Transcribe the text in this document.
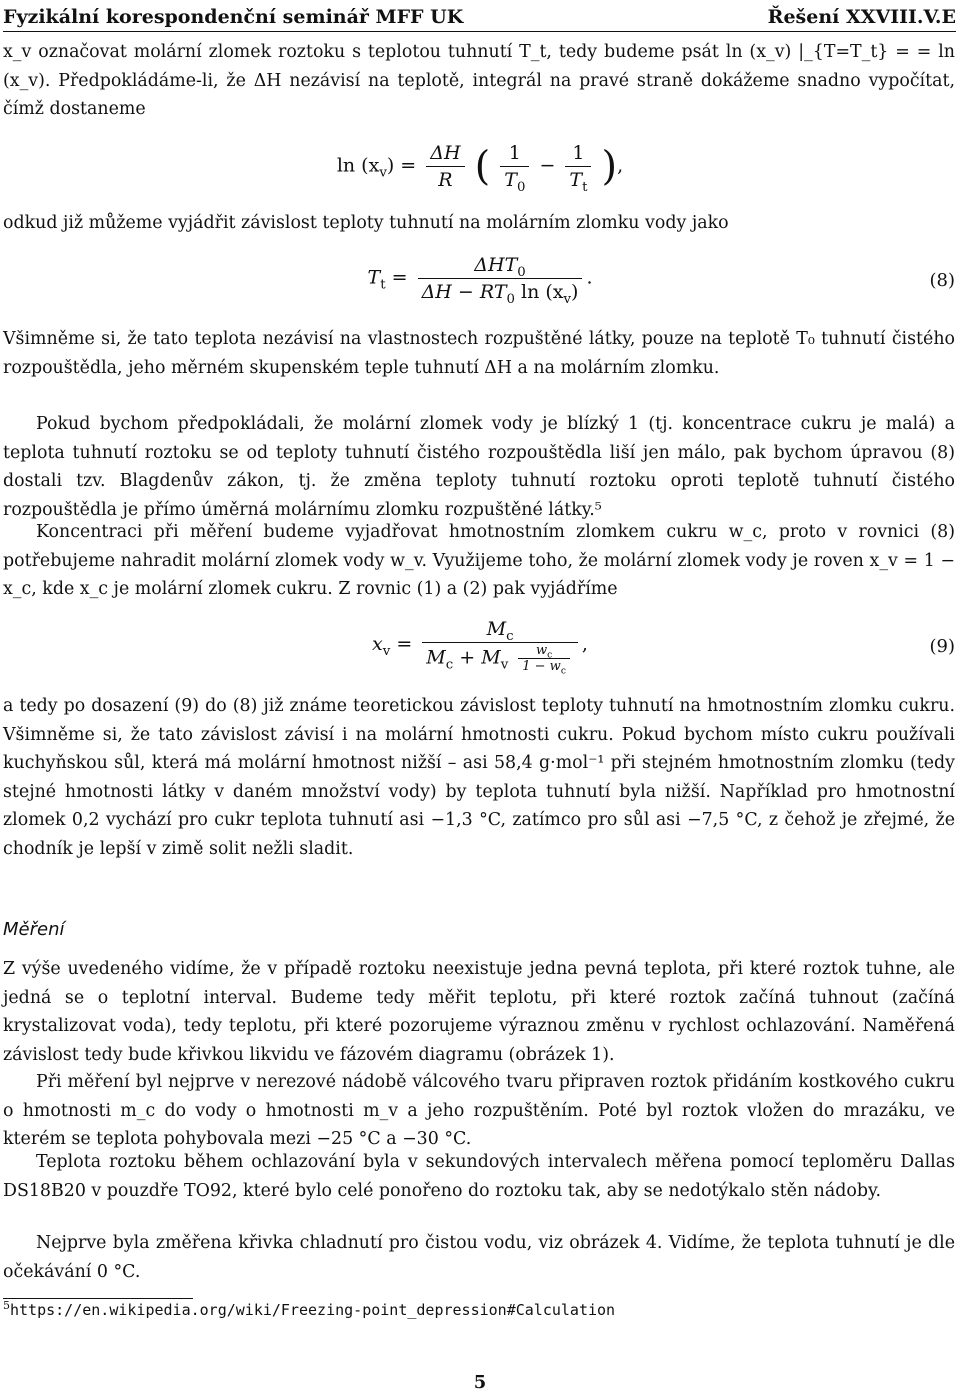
Fyzikální korespondenční seminář MFF UK	Řešení XXVIII.V.E
x_v označovat molární zlomek roztoku s teplotou tuhnutí T_t, tedy budeme psát ln (x_v) |_{T=T_t} = = ln (x_v). Předpokládáme-li, že ΔH nezávisí na teplotě, integrál na pravé straně dokážeme snadno vypočítat, čímž dostaneme
$\ln (x_v) = \frac{\Delta H}{R}$ ( $\frac{1}{T_0} - \frac{1}{T_t}$ ),
odkud již můžeme vyjádřit závislost teploty tuhnutí na molárním zlomku vody jako
$T_t = \frac{\Delta HT_0}{\Delta H - RT_0 \ln (x_v)}$ .	(8)
Všimněme si, že tato teplota nezávisí na vlastnostech rozpuštěné látky, pouze na teplotě T₀ tuhnutí čistého rozpouštědla, jeho měrném skupenském teple tuhnutí ΔH a na molárním zlomku.
Pokud bychom předpokládali, že molární zlomek vody je blízký 1 (tj. koncentrace cukru je malá) a teplota tuhnutí roztoku se od teploty tuhnutí čistého rozpouštědla liší jen málo, pak bychom úpravou (8) dostali tzv. Blagdenův zákon, tj. že změna teploty tuhnutí roztoku oproti teplotě tuhnutí čistého rozpouštědla je přímo úměrná molárnímu zlomku rozpuštěné látky.⁵
Koncentraci při měření budeme vyjadřovat hmotnostním zlomkem cukru w_c, proto v rovnici (8) potřebujeme nahradit molární zlomek vody w_v. Využijeme toho, že molární zlomek vody je roven x_v = 1 − x_c, kde x_c je molární zlomek cukru. Z rovnic (1) a (2) pak vyjádříme
$x_v = \frac{M_c}{M_c + M_v \frac{w_c}{1 - w_c}}$ ,	(9)
a tedy po dosazení (9) do (8) již známe teoretickou závislost teploty tuhnutí na hmotnostním zlomku cukru. Všimněme si, že tato závislost závisí i na molární hmotnosti cukru. Pokud bychom místo cukru používali kuchyňskou sůl, která má molární hmotnost nižší – asi 58,4 g·mol⁻¹ při stejném hmotnostním zlomku (tedy stejné hmotnosti látky v daném množství vody) by teplota tuhnutí byla nižší. Například pro hmotnostní zlomek 0,2 vychází pro cukr teplota tuhnutí asi −1,3 °C, zatímco pro sůl asi −7,5 °C, z čehož je zřejmé, že chodník je lepší v zimě solit nežli sladit.
Měření
Z výše uvedeného vidíme, že v případě roztoku neexistuje jedna pevná teplota, při které roztok tuhne, ale jedná se o teplotní interval. Budeme tedy měřit teplotu, při které roztok začíná tuhnout (začíná krystalizovat voda), tedy teplotu, při které pozorujeme výraznou změnu v rychlost ochlazování. Naměřená závislost tedy bude křivkou likvidu ve fázovém diagramu (obrázek 1).
Při měření byl nejprve v nerezové nádobě válcového tvaru připraven roztok přidáním kostkového cukru o hmotnosti m_c do vody o hmotnosti m_v a jeho rozpuštěním. Poté byl roztok vložen do mrazáku, ve kterém se teplota pohybovala mezi −25 °C a −30 °C.
Teplota roztoku během ochlazování byla v sekundových intervalech měřena pomocí teploměru Dallas DS18B20 v pouzdře TO92, které bylo celé ponořeno do roztoku tak, aby se nedotýkalo stěn nádoby.
Nejprve byla změřena křivka chladnutí pro čistou vodu, viz obrázek 4. Vidíme, že teplota tuhnutí je dle očekávání 0 °C.
$^5$https://en.wikipedia.org/wiki/Freezing-point_depression#Calculation
5
